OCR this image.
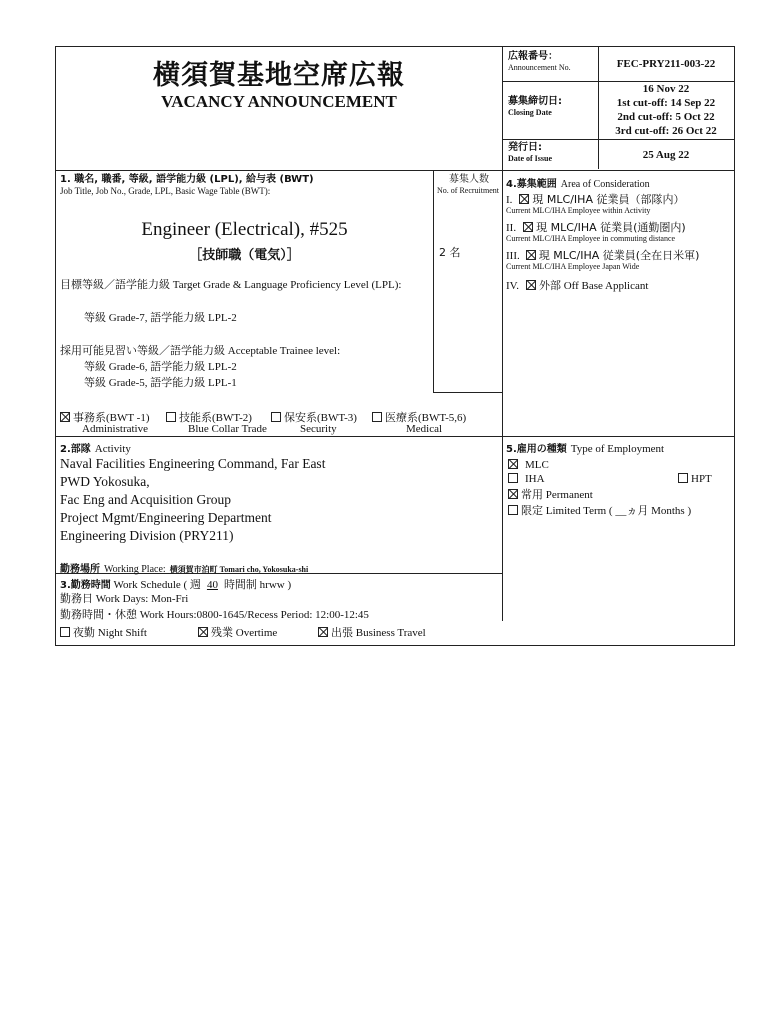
横須賀基地空席広報
VACANCY ANNOUNCEMENT
広報番号：
Announcement No.	FEC-PRY211-003-22
募集締切日:
Closing Date
16 Nov 22
1st cut-off: 14 Sep 22
2nd cut-off: 5 Oct 22
3rd cut-off: 26 Oct 22
発行日:
Date of Issue	25 Aug 22
1. 職名, 職番, 等級, 語学能力級 (LPL), 給与表 (BWT)
Job Title, Job No., Grade, LPL, Basic Wage Table (BWT):
Engineer (Electrical), #525
［技師職（電気）］
目標等級／語学能力級 Target Grade & Language Proficiency Level (LPL):
等級 Grade-7, 語学能力級 LPL-2
採用可能見習い等級／語学能力級 Acceptable Trainee level:
等級 Grade-6, 語学能力級 LPL-2
等級 Grade-5, 語学能力級 LPL-1
事務系(BWT -1)	技能系(BWT-2)	保安系(BWT-3)	医療系(BWT-5,6)
Administrative	Blue Collar Trade	Security	Medical
募集人数
No. of Recruitment
2 名
4.募集範囲 Area of Consideration
I. 現 MLC/IHA 従業員（部隊内）
Current MLC/IHA Employee within Activity
II. 現 MLC/IHA 従業員(通勤圏内)
Current MLC/IHA Employee in commuting distance
III. 現 MLC/IHA 従業員(全在日米軍)
Current MLC/IHA Employee Japan Wide
IV. 外部 Off Base Applicant
2.部隊 Activity
Naval Facilities Engineering Command, Far East
PWD Yokosuka,
Fac Eng and Acquisition Group
Project Mgmt/Engineering Department
Engineering Division (PRY211)
勤務場所 Working Place: 横須賀市泊町 Tomari cho, Yokosuka-shi
5.雇用の種類 Type of Employment
MLC
IHA	HPT
常用 Permanent
限定 Limited Term ( __ヵ月 Months )
3.勤務時間 Work Schedule ( 週 40 時間制 hrww )
勤務日 Work Days: Mon-Fri
勤務時間・休憩 Work Hours:0800-1645/Recess Period: 12:00-12:45
夜勤 Night Shift	残業 Overtime	出張 Business Travel
